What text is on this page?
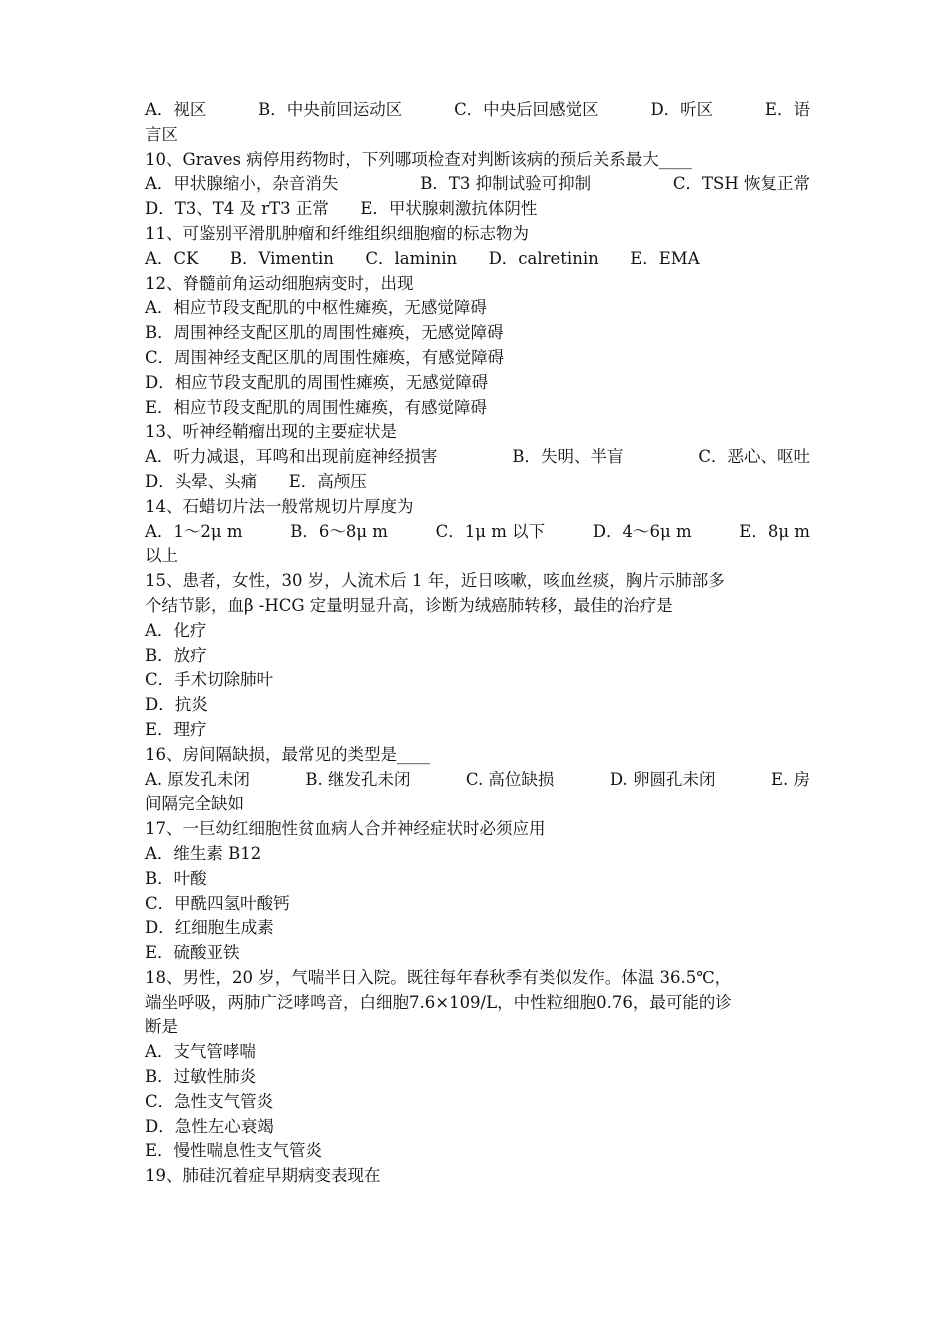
A．视区	B．中央前回运动区	C．中央后回感觉区	D．听区	E．语
言区
10、Graves 病停用药物时，下列哪项检查对判断该病的预后关系最大____
A．甲状腺缩小，杂音消失	B．T3 抑制试验可抑制	C．TSH 恢复正常
D．T3、T4 及 rT3 正常      E．甲状腺刺激抗体阴性
11、可鉴别平滑肌肿瘤和纤维组织细胞瘤的标志物为
A．CK      B．Vimentin      C．laminin      D．calretinin      E．EMA
12、脊髓前角运动细胞病变时，出现
A．相应节段支配肌的中枢性瘫痪，无感觉障碍
B．周围神经支配区肌的周围性瘫痪，无感觉障碍
C．周围神经支配区肌的周围性瘫痪，有感觉障碍
D．相应节段支配肌的周围性瘫痪，无感觉障碍
E．相应节段支配肌的周围性瘫痪，有感觉障碍
13、听神经鞘瘤出现的主要症状是
A．听力减退，耳鸣和出现前庭神经损害	B．失明、半盲	C．恶心、呕吐
D．头晕、头痛      E．高颅压
14、石蜡切片法一般常规切片厚度为
A．1～2μ m	B．6～8μ m	C．1μ m 以下	D．4～6μ m	E．8μ m
以上
15、患者，女性，30 岁，人流术后 1 年，近日咳嗽，咳血丝痰，胸片示肺部多
个结节影，血β -HCG 定量明显升高，诊断为绒癌肺转移，最佳的治疗是
A．化疗
B．放疗
C．手术切除肺叶
D．抗炎
E．理疗
16、房间隔缺损，最常见的类型是____
A. 原发孔未闭	B. 继发孔未闭	C. 高位缺损	D. 卵圆孔未闭	E. 房
间隔完全缺如
17、一巨幼红细胞性贫血病人合并神经症状时必须应用
A．维生素 B12
B．叶酸
C．甲酰四氢叶酸钙
D．红细胞生成素
E．硫酸亚铁
18、男性，20 岁，气喘半日入院。既往每年春秋季有类似发作。体温 36.5℃，
端坐呼吸，两肺广泛哮鸣音，白细胞7.6×109/L，中性粒细胞0.76，最可能的诊
断是
A．支气管哮喘
B．过敏性肺炎
C．急性支气管炎
D．急性左心衰竭
E．慢性喘息性支气管炎
19、肺硅沉着症早期病变表现在
